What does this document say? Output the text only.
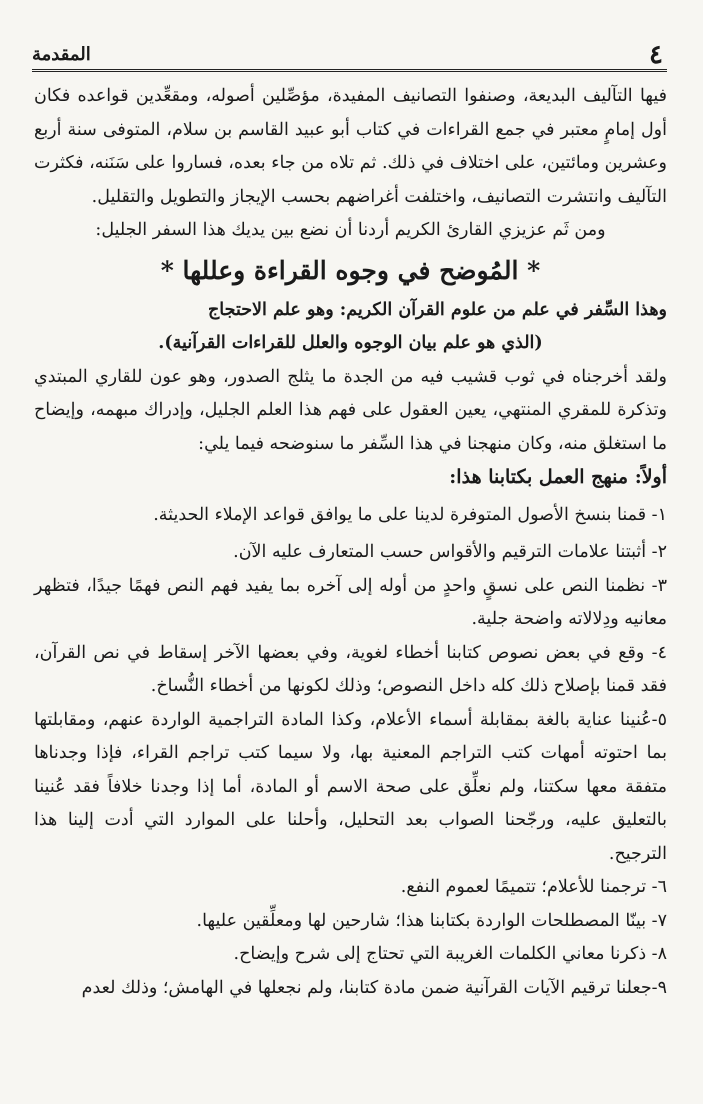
٤
المقدمة

فيها التآليف البديعة، وصنفوا التصانيف المفيدة، مؤصِّلين أصوله، ومقعِّدين قواعده فكان أول إمامٍ معتبر في جمع القراءات في كتاب أبو عبيد القاسم بن سلام، المتوفى سنة أربع وعشرين ومائتين، على اختلاف في ذلك. ثم تلاه من جاء بعده، فساروا على سَنَنه، فكثرت التآليف وانتشرت التصانيف، واختلفت أغراضهم بحسب الإيجاز والتطويل والتقليل.

ومن ثَم عزيزي القارئ الكريم أردنا أن نضع بين يديك هذا السفر الجليل:

* المُوضح في وجوه القراءة وعللها *

وهذا السِّفر في علم من علوم القرآن الكريم: وهو علم الاحتجاج

(الذي هو علم بيان الوجوه والعلل للقراءات القرآنية).

ولقد أخرجناه في ثوب قشيب فيه من الجدة ما يثلج الصدور، وهو عون للقاري المبتدي وتذكرة للمقري المنتهي، يعين العقول على فهم هذا العلم الجليل، وإدراك مبهمه، وإيضاح ما استغلق منه، وكان منهجنا في هذا السِّفر ما سنوضحه فيما يلي:

أولاً: منهج العمل بكتابنا هذا:

١- قمنا بنسخ الأصول المتوفرة لدينا على ما يوافق قواعد الإملاء الحديثة.

٢- أثبتنا علامات الترقيم والأقواس حسب المتعارف عليه الآن.

٣- نظمنا النص على نسقٍ واحدٍ من أوله إلى آخره بما يفيد فهم النص فهمًا جيدًا، فتظهر معانيه ودِلالاته واضحة جلية.

٤- وقع في بعض نصوص كتابنا أخطاء لغوية، وفي بعضها الآخر إسقاط في نص القرآن، فقد قمنا بإصلاح ذلك كله داخل النصوص؛ وذلك لكونها من أخطاء النُّساخ.

٥-عُنينا عناية بالغة بمقابلة أسماء الأعلام، وكذا المادة التراجمية الواردة عنهم، ومقابلتها بما احتوته أمهات كتب التراجم المعنية بها، ولا سيما كتب تراجم القراء، فإذا وجدناها متفقة معها سكتنا، ولم نعلِّق على صحة الاسم أو المادة، أما إذا وجدنا خلافاً فقد عُنينا بالتعليق عليه، ورجّحنا الصواب بعد التحليل، وأحلنا على الموارد التي أدت إلينا هذا الترجيح.

٦- ترجمنا للأعلام؛ تتميمًا لعموم النفع.

٧- بينّا المصطلحات الواردة بكتابنا هذا؛ شارحين لها ومعلِّقين عليها.

٨- ذكرنا معاني الكلمات الغريبة التي تحتاج إلى شرح وإيضاح.

٩-جعلنا ترقيم الآيات القرآنية ضمن مادة كتابنا، ولم نجعلها في الهامش؛ وذلك لعدم
